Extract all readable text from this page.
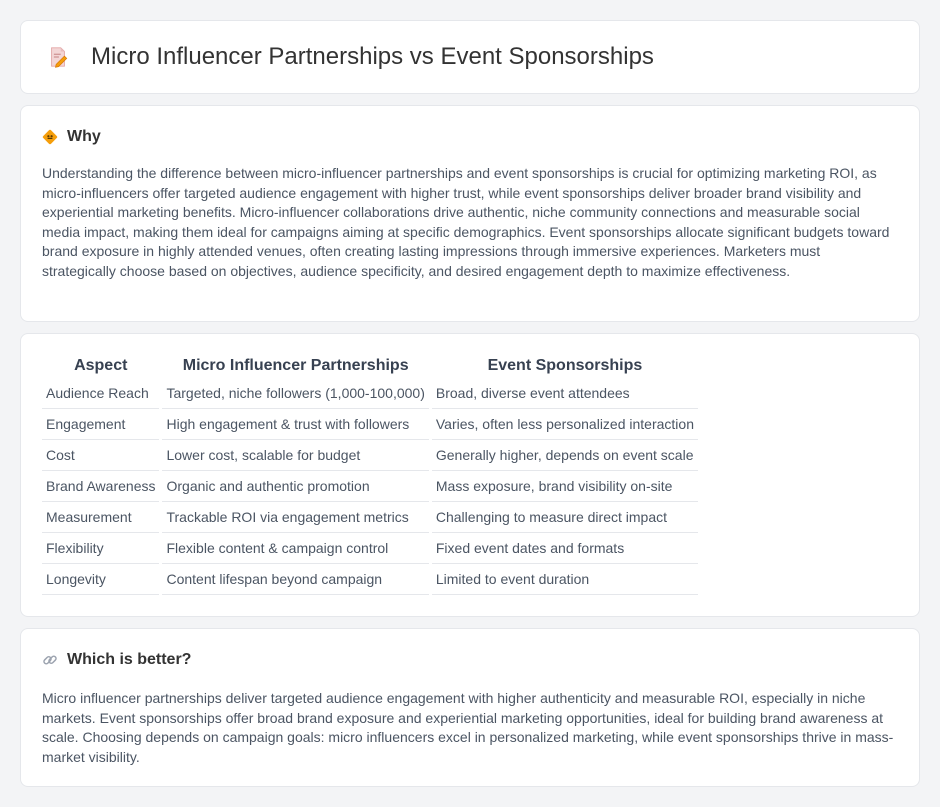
Micro Influencer Partnerships vs Event Sponsorships
Why

Understanding the difference between micro-influencer partnerships and event sponsorships is crucial for optimizing marketing ROI, as micro-influencers offer targeted audience engagement with higher trust, while event sponsorships deliver broader brand visibility and experiential marketing benefits. Micro-influencer collaborations drive authentic, niche community connections and measurable social media impact, making them ideal for campaigns aiming at specific demographics. Event sponsorships allocate significant budgets toward brand exposure in highly attended venues, often creating lasting impressions through immersive experiences. Marketers must strategically choose based on objectives, audience specificity, and desired engagement depth to maximize effectiveness.

Aspect	Micro Influencer Partnerships	Event Sponsorships
Audience Reach	Targeted, niche followers (1,000-100,000)	Broad, diverse event attendees
Engagement	High engagement & trust with followers	Varies, often less personalized interaction
Cost	Lower cost, scalable for budget	Generally higher, depends on event scale
Brand Awareness	Organic and authentic promotion	Mass exposure, brand visibility on-site
Measurement	Trackable ROI via engagement metrics	Challenging to measure direct impact
Flexibility	Flexible content & campaign control	Fixed event dates and formats
Longevity	Content lifespan beyond campaign	Limited to event duration
Which is better?

Micro influencer partnerships deliver targeted audience engagement with higher authenticity and measurable ROI, especially in niche markets. Event sponsorships offer broad brand exposure and experiential marketing opportunities, ideal for building brand awareness at scale. Choosing depends on campaign goals: micro influencers excel in personalized marketing, while event sponsorships thrive in mass-market visibility.
